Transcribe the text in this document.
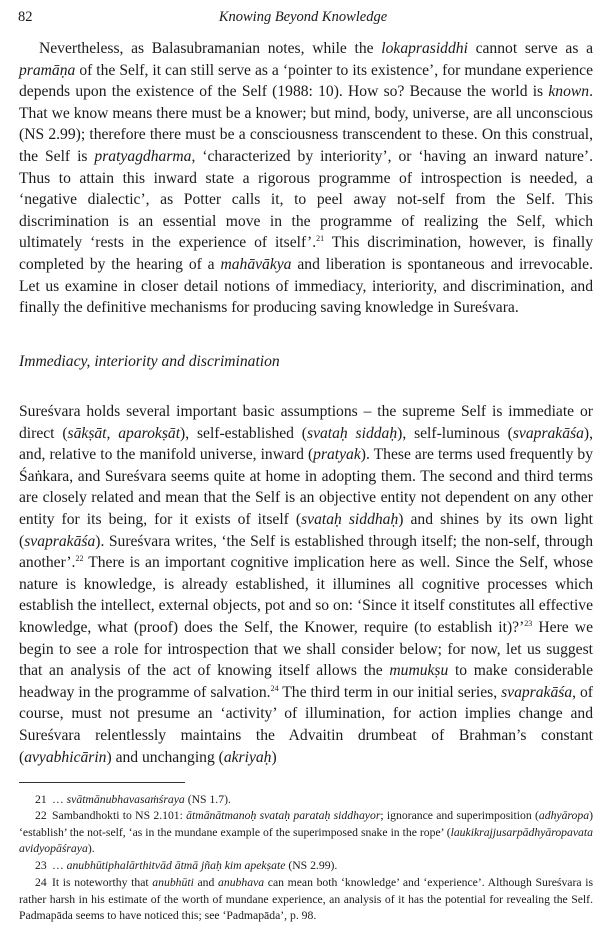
82	Knowing Beyond Knowledge
Nevertheless, as Balasubramanian notes, while the lokaprasiddhi cannot serve as a pramāṇa of the Self, it can still serve as a ‘pointer to its existence’, for mundane experience depends upon the existence of the Self (1988: 10). How so? Because the world is known. That we know means there must be a knower; but mind, body, universe, are all unconscious (NS 2.99); therefore there must be a consciousness transcendent to these. On this construal, the Self is pratyagdharma, ‘characterized by interiority’, or ‘having an inward nature’. Thus to attain this inward state a rigorous programme of introspection is needed, a ‘negative dialectic’, as Potter calls it, to peel away not-self from the Self. This discrimination is an essential move in the programme of realizing the Self, which ultimately ‘rests in the experience of itself’.$^{21}$ This discrimination, however, is finally completed by the hearing of a mahāvākya and liberation is spontaneous and irrevocable. Let us examine in closer detail notions of immediacy, interiority, and discrimination, and finally the definitive mechanisms for producing saving knowledge in Sureśvara.
Immediacy, interiority and discrimination
Sureśvara holds several important basic assumptions – the supreme Self is immediate or direct (sākṣāt, aparokṣāt), self-established (svataḥ siddaḥ), self-luminous (svaprakāśa), and, relative to the manifold universe, inward (pratyak). These are terms used frequently by Śaṅkara, and Sureśvara seems quite at home in adopting them. The second and third terms are closely related and mean that the Self is an objective entity not dependent on any other entity for its being, for it exists of itself (svataḥ siddhaḥ) and shines by its own light (svaprakāśa). Sureśvara writes, ‘the Self is established through itself; the non-self, through another’.$^{22}$ There is an important cognitive implication here as well. Since the Self, whose nature is knowledge, is already established, it illumines all cognitive processes which establish the intellect, external objects, pot and so on: ‘Since it itself constitutes all effective knowledge, what (proof) does the Self, the Knower, require (to establish it)?’$^{23}$ Here we begin to see a role for introspection that we shall consider below; for now, let us suggest that an analysis of the act of knowing itself allows the mumukṣu to make considerable headway in the programme of salvation.$^{24}$ The third term in our initial series, svaprakāśa, of course, must not presume an ‘activity’ of illumination, for action implies change and Sureśvara relentlessly maintains the Advaitin drumbeat of Brahman’s constant (avyabhicārin) and unchanging (akriyaḥ)
21 … svātmānubhavasaṁśraya (NS 1.7).
22 Sambandhokti to NS 2.101: ātmānātmanoḥ svataḥ parataḥ siddhayor; ignorance and superimposition (adhyāropa) ‘establish’ the not-self, ‘as in the mundane example of the superimposed snake in the rope’ (laukikrajjusarpādhyāropavata avidyopāśraya).
23 … anubhūtiphalārthitvād ātmā jñaḥ kim apekṣate (NS 2.99).
24 It is noteworthy that anubhūti and anubhava can mean both ‘knowledge’ and ‘experience’. Although Sureśvara is rather harsh in his estimate of the worth of mundane experience, an analysis of it has the potential for revealing the Self. Padmapāda seems to have noticed this; see ‘Padmapāda’, p. 98.
